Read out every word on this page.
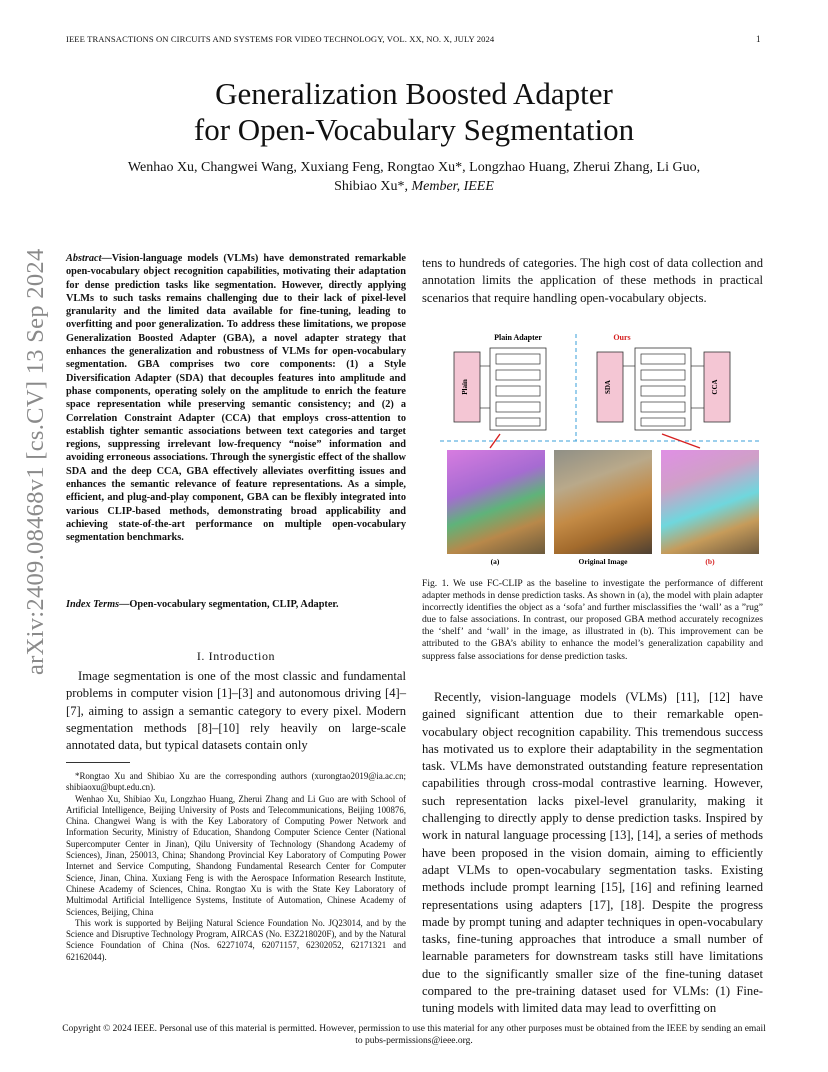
IEEE TRANSACTIONS ON CIRCUITS AND SYSTEMS FOR VIDEO TECHNOLOGY, VOL. XX, NO. X, JULY 2024	1
arXiv:2409.08468v1 [cs.CV] 13 Sep 2024
Generalization Boosted Adapter
for Open-Vocabulary Segmentation
Wenhao Xu, Changwei Wang, Xuxiang Feng, Rongtao Xu*, Longzhao Huang, Zherui Zhang, Li Guo,
Shibiao Xu*, Member, IEEE
Abstract—Vision-language models (VLMs) have demonstrated remarkable open-vocabulary object recognition capabilities, motivating their adaptation for dense prediction tasks like segmentation. However, directly applying VLMs to such tasks remains challenging due to their lack of pixel-level granularity and the limited data available for fine-tuning, leading to overfitting and poor generalization. To address these limitations, we propose Generalization Boosted Adapter (GBA), a novel adapter strategy that enhances the generalization and robustness of VLMs for open-vocabulary segmentation. GBA comprises two core components: (1) a Style Diversification Adapter (SDA) that decouples features into amplitude and phase components, operating solely on the amplitude to enrich the feature space representation while preserving semantic consistency; and (2) a Correlation Constraint Adapter (CCA) that employs cross-attention to establish tighter semantic associations between text categories and target regions, suppressing irrelevant low-frequency “noise” information and avoiding erroneous associations. Through the synergistic effect of the shallow SDA and the deep CCA, GBA effectively alleviates overfitting issues and enhances the semantic relevance of feature representations. As a simple, efficient, and plug-and-play component, GBA can be flexibly integrated into various CLIP-based methods, demonstrating broad applicability and achieving state-of-the-art performance on multiple open-vocabulary segmentation benchmarks.
Index Terms—Open-vocabulary segmentation, CLIP, Adapter.
I. Introduction
Image segmentation is one of the most classic and fundamental problems in computer vision [1]–[3] and autonomous driving [4]–[7], aiming to assign a semantic category to every pixel. Modern segmentation methods [8]–[10] rely heavily on large-scale annotated data, but typical datasets contain only

*Rongtao Xu and Shibiao Xu are the corresponding authors (xurongtao2019@ia.ac.cn; shibiaoxu@bupt.edu.cn).

Wenhao Xu, Shibiao Xu, Longzhao Huang, Zherui Zhang and Li Guo are with School of Artificial Intelligence, Beijing University of Posts and Telecommunications, Beijing 100876, China. Changwei Wang is with the Key Laboratory of Computing Power Network and Information Security, Ministry of Education, Shandong Computer Science Center (National Supercomputer Center in Jinan), Qilu University of Technology (Shandong Academy of Sciences), Jinan, 250013, China; Shandong Provincial Key Laboratory of Computing Power Internet and Service Computing, Shandong Fundamental Research Center for Computer Science, Jinan, China. Xuxiang Feng is with the Aerospace Information Research Institute, Chinese Academy of Sciences, China. Rongtao Xu is with the State Key Laboratory of Multimodal Artificial Intelligence Systems, Institute of Automation, Chinese Academy of Sciences, Beijing, China

This work is supported by Beijing Natural Science Foundation No. JQ23014, and by the Science and Disruptive Technology Program, AIRCAS (No. E3Z218020F), and by the Natural Science Foundation of China (Nos. 62271074, 62071157, 62302052, 62171321 and 62162044).

tens to hundreds of categories. The high cost of data collection and annotation limits the application of these methods in practical scenarios that require handling open-vocabulary objects.
Plain Adapter
Plain
Ours
SDA	CCA
(a)	Original Image	(b)
Fig. 1. We use FC-CLIP as the baseline to investigate the performance of different adapter methods in dense prediction tasks. As shown in (a), the model with plain adapter incorrectly identifies the object as a ‘sofa’ and further misclassifies the ‘wall’ as a ”rug” due to false associations. In contrast, our proposed GBA method accurately recognizes the ‘shelf’ and ‘wall’ in the image, as illustrated in (b). This improvement can be attributed to the GBA’s ability to enhance the model’s generalization capability and suppress false associations for dense prediction tasks.
Recently, vision-language models (VLMs) [11], [12] have gained significant attention due to their remarkable open-vocabulary object recognition capability. This tremendous success has motivated us to explore their adaptability in the segmentation task. VLMs have demonstrated outstanding feature representation capabilities through cross-modal contrastive learning. However, such representation lacks pixel-level granularity, making it challenging to directly apply to dense prediction tasks. Inspired by work in natural language processing [13], [14], a series of methods have been proposed in the vision domain, aiming to efficiently adapt VLMs to open-vocabulary segmentation tasks. Existing methods include prompt learning [15], [16] and refining learned representations using adapters [17], [18]. Despite the progress made by prompt tuning and adapter techniques in open-vocabulary tasks, fine-tuning approaches that introduce a small number of learnable parameters for downstream tasks still have limitations due to the significantly smaller size of the fine-tuning dataset compared to the pre-training dataset used for VLMs: (1) Fine-tuning models with limited data may lead to overfitting on
Copyright © 2024 IEEE. Personal use of this material is permitted. However, permission to use this material for any other purposes must be obtained from the IEEE by sending an email to pubs-permissions@ieee.org.
